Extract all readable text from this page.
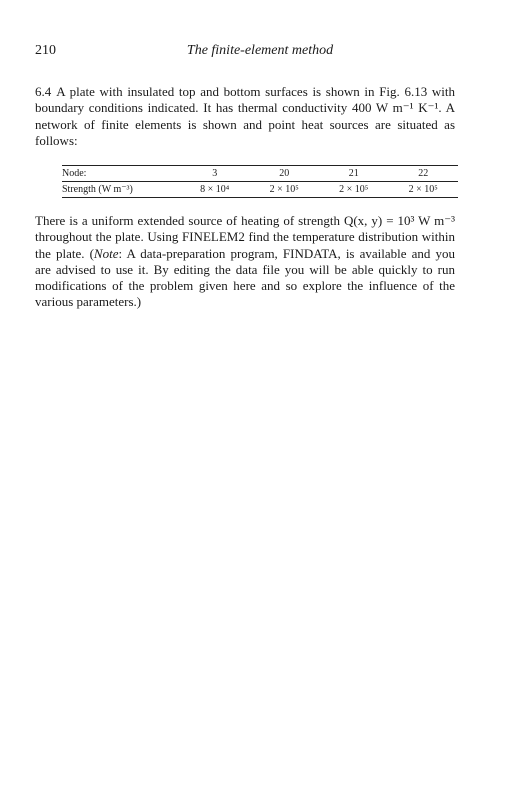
210	The finite-element method

6.4 A plate with insulated top and bottom surfaces is shown in Fig. 6.13 with boundary conditions indicated. It has thermal conductivity 400 W m⁻¹ K⁻¹. A network of finite elements is shown and point heat sources are situated as follows:

Node:	3	20	21	22
Strength (W m⁻³)	8 × 10⁴	2 × 10⁵	2 × 10⁵	2 × 10⁵

There is a uniform extended source of heating of strength Q(x, y) = 10³ W m⁻³ throughout the plate. Using FINELEM2 find the temperature distribution within the plate. (Note: A data-preparation program, FINDATA, is available and you are advised to use it. By editing the data file you will be able quickly to run modifications of the problem given here and so explore the influence of the various parameters.)
